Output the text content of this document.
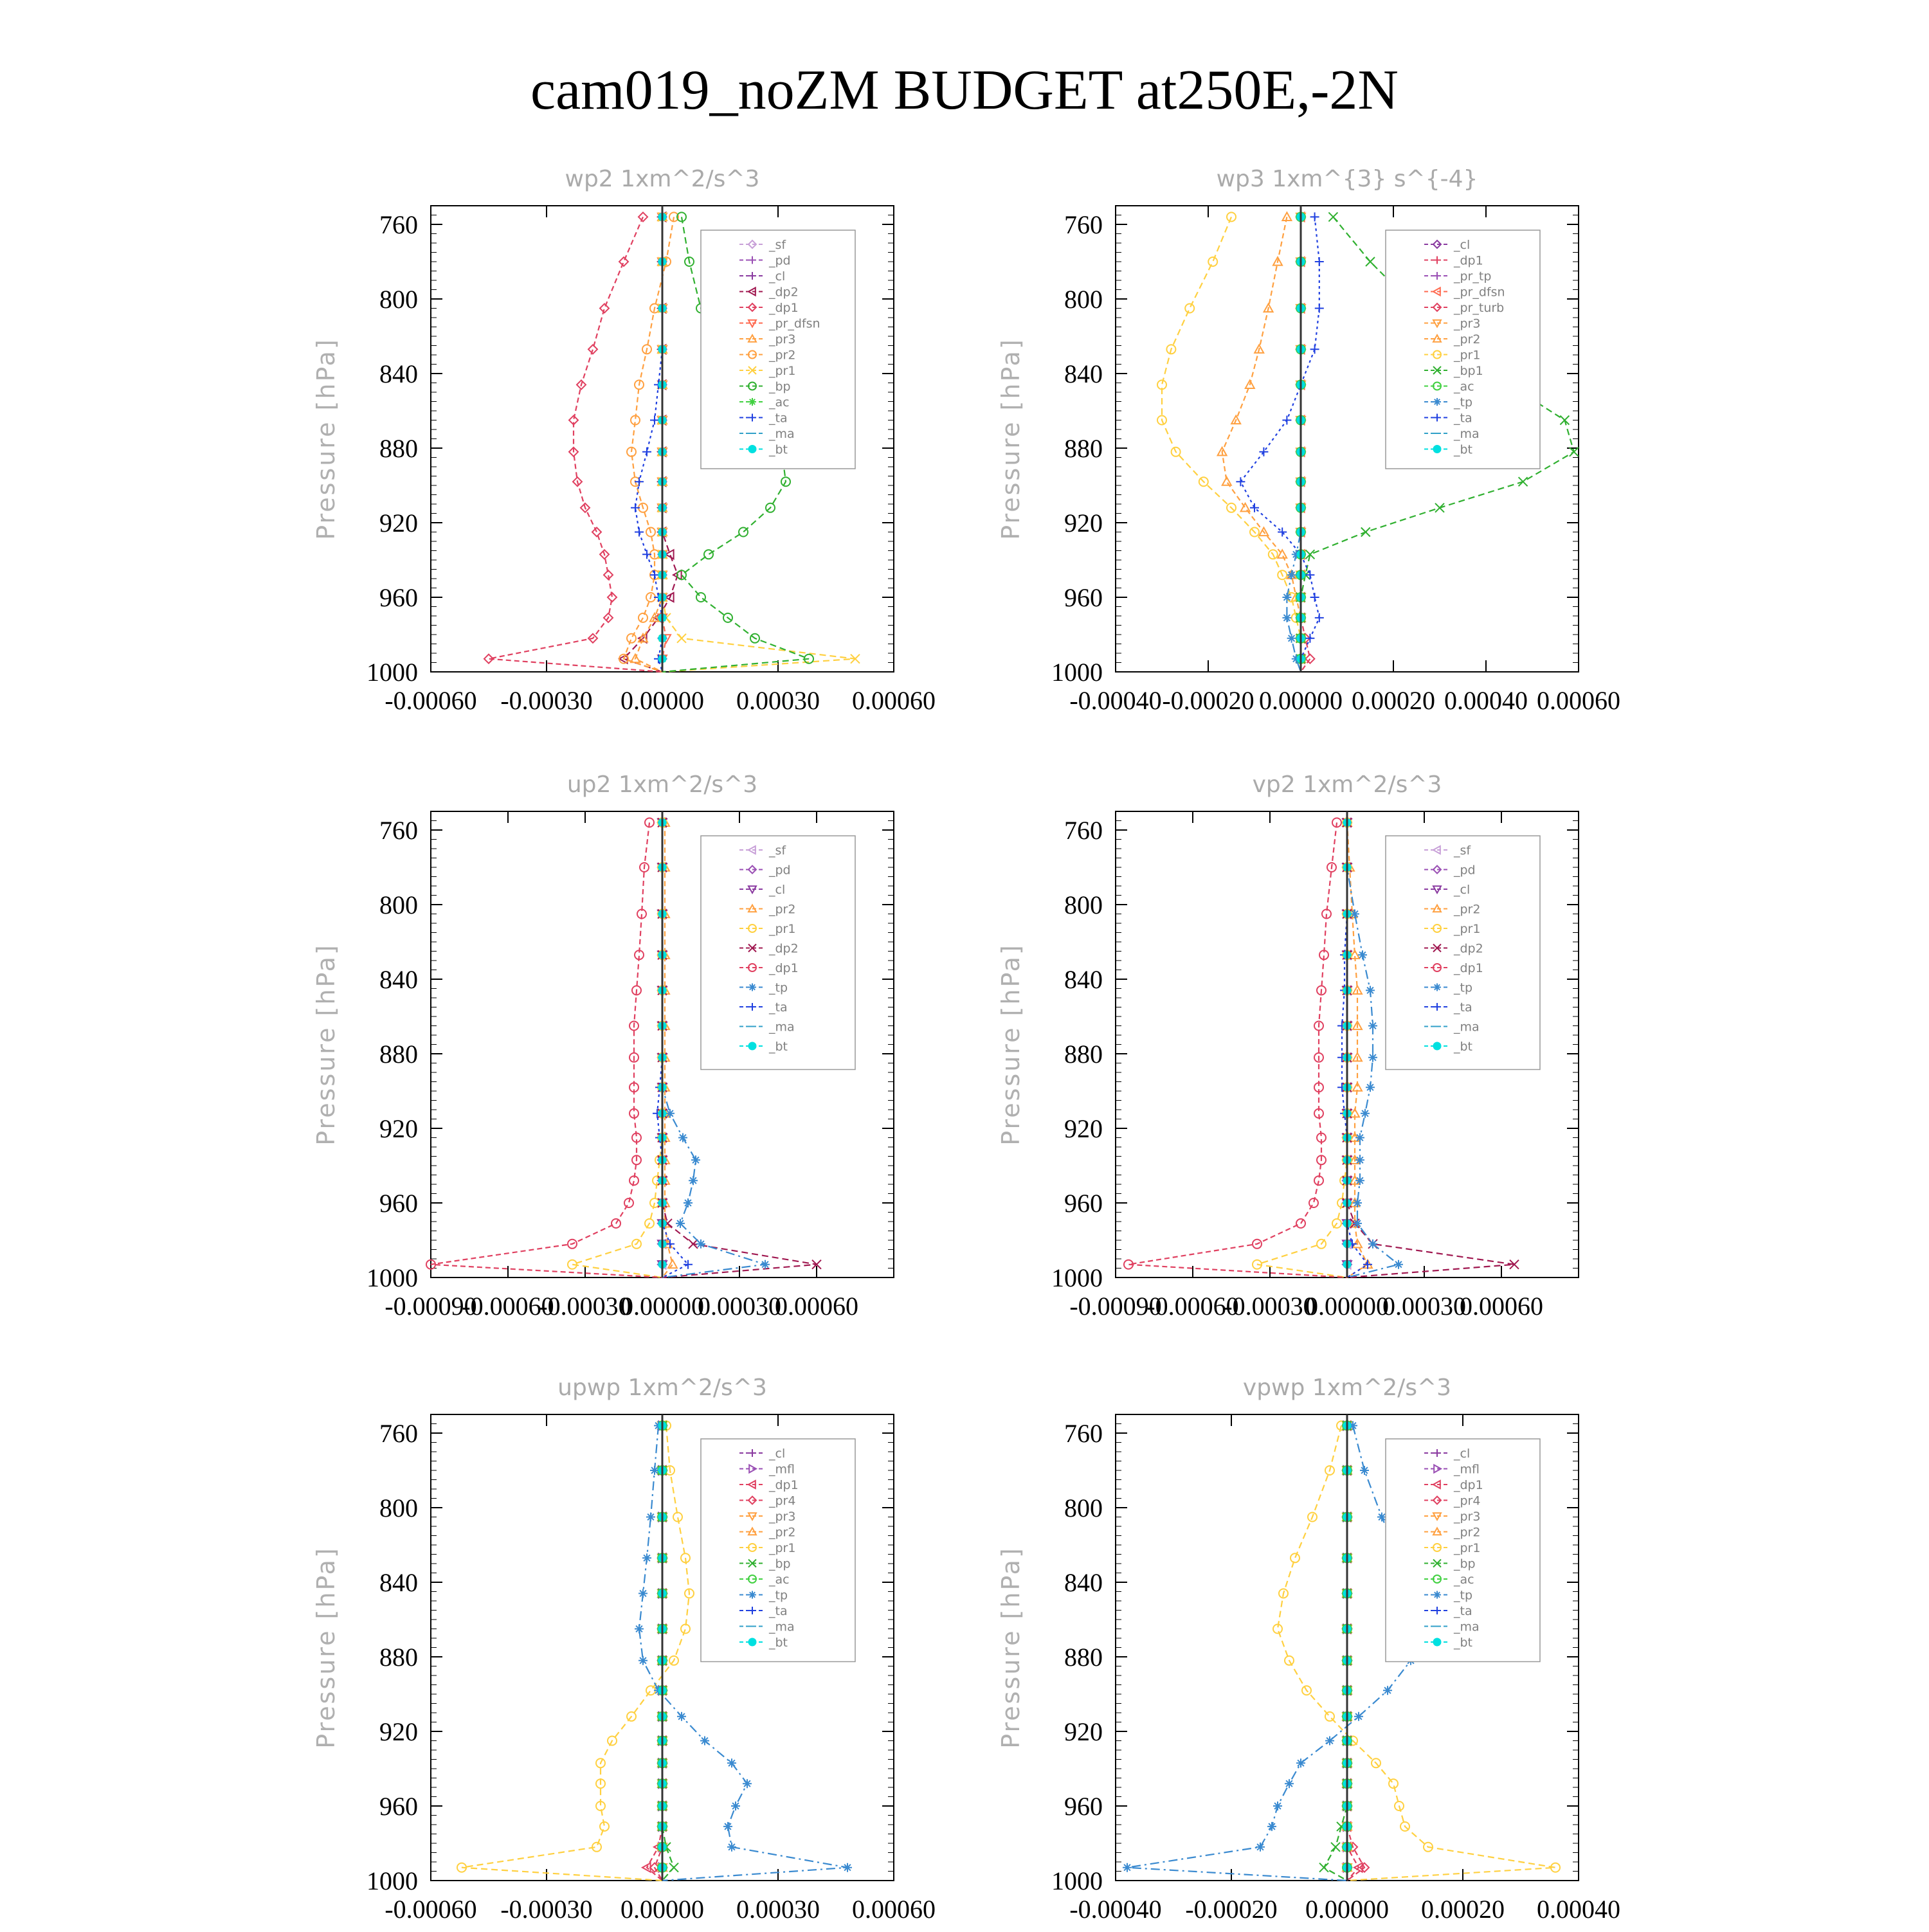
cam019_noZM BUDGET at250E,-2N
wp2 1xm^2/s^3
Pressure [hPa]
760
800
840
880
920
960
1000
-0.00060 -0.00030 0.00000 0.00030 0.00060
_sf
_pd
_cl
_dp2
_dp1
_pr_dfsn
_pr3
_pr2
_pr1
_bp
_ac
_ta
_ma
_bt
wp3 1xm^{3} s^{-4}
Pressure [hPa]
760
800
840
880
920
960
1000
-0.00040 -0.00020 0.00000 0.00020 0.00040 0.00060
_cl
_dp1
_pr_tp
_pr_dfsn
_pr_turb
_pr3
_pr2
_pr1
_bp1
_ac
_tp
_ta
_ma
_bt
up2 1xm^2/s^3
Pressure [hPa]
760
800
840
880
920
960
1000
-0.00090
-0.00060
-0.00030
0.00000
0.00030
0.00060
_sf
_pd
_cl
_pr2
_pr1
_dp2
_dp1
_tp
_ta
_ma
_bt
vp2 1xm^2/s^3
Pressure [hPa]
760
800
840
880
920
960
1000
-0.00090
-0.00060
-0.00030
0.00000
0.00030
0.00060
_sf
_pd
_cl
_pr2
_pr1
_dp2
_dp1
_tp
_ta
_ma
_bt
upwp 1xm^2/s^3
Pressure [hPa]
760
800
840
880
920
960
1000
-0.00060 -0.00030 0.00000 0.00030 0.00060
_cl
_mfl
_dp1
_pr4
_pr3
_pr2
_pr1
_bp
_ac
_tp
_ta
_ma
_bt
vpwp 1xm^2/s^3
Pressure [hPa]
760
800
840
880
920
960
1000
-0.00040 -0.00020 0.00000 0.00020 0.00040
_cl
_mfl
_dp1
_pr4
_pr3
_pr2
_pr1
_bp
_ac
_tp
_ta
_ma
_bt
